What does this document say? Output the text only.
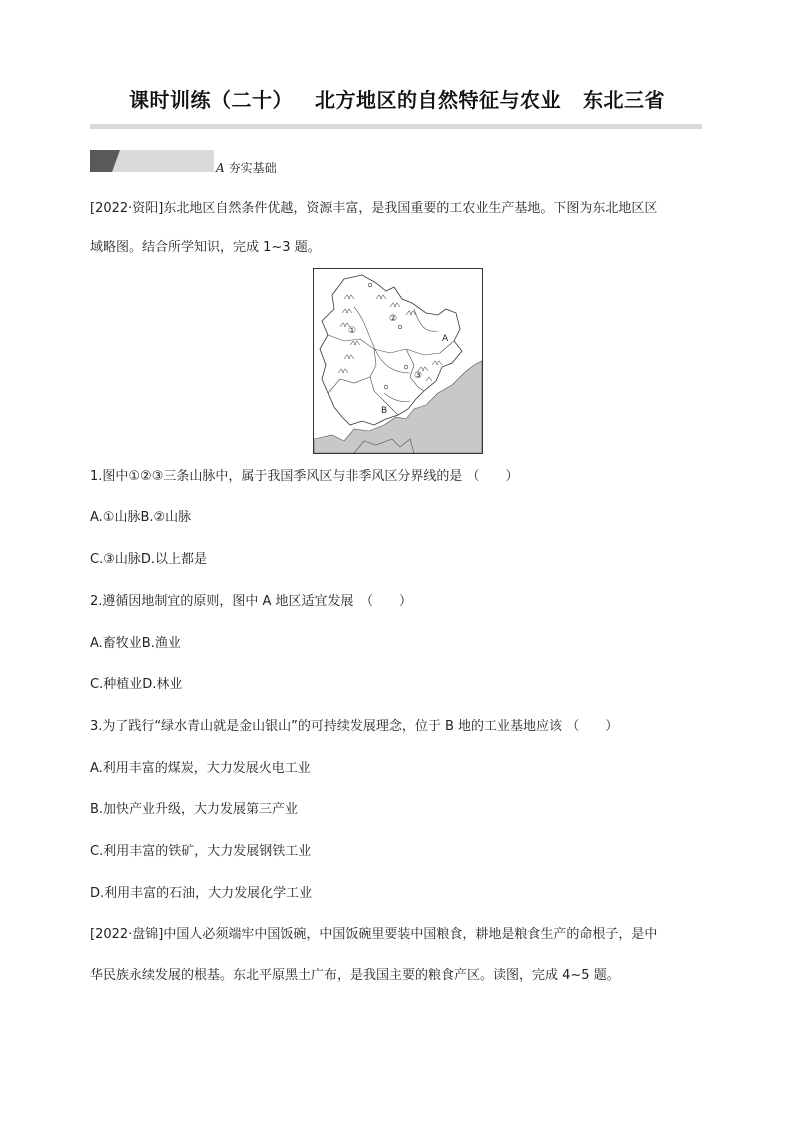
课时训练（二十） 北方地区的自然特征与农业 东北三省
A 夯实基础
[2022·资阳]东北地区自然条件优越，资源丰富，是我国重要的工农业生产基地。下图为东北地区区
域略图。结合所学知识，完成 1~3 题。
①
②
③
A
B
1.图中①②③三条山脉中，属于我国季风区与非季风区分界线的是 （　　）
A.①山脉B.②山脉
C.③山脉D.以上都是
2.遵循因地制宜的原则，图中 A 地区适宜发展　（　　）
A.畜牧业B.渔业
C.种植业D.林业
3.为了践行“绿水青山就是金山银山”的可持续发展理念，位于 B 地的工业基地应该 （　　）
A.利用丰富的煤炭，大力发展火电工业
B.加快产业升级，大力发展第三产业
C.利用丰富的铁矿，大力发展钢铁工业
D.利用丰富的石油，大力发展化学工业
[2022·盘锦]中国人必须端牢中国饭碗，中国饭碗里要装中国粮食，耕地是粮食生产的命根子，是中
华民族永续发展的根基。东北平原黑土广布，是我国主要的粮食产区。读图，完成 4~5 题。
